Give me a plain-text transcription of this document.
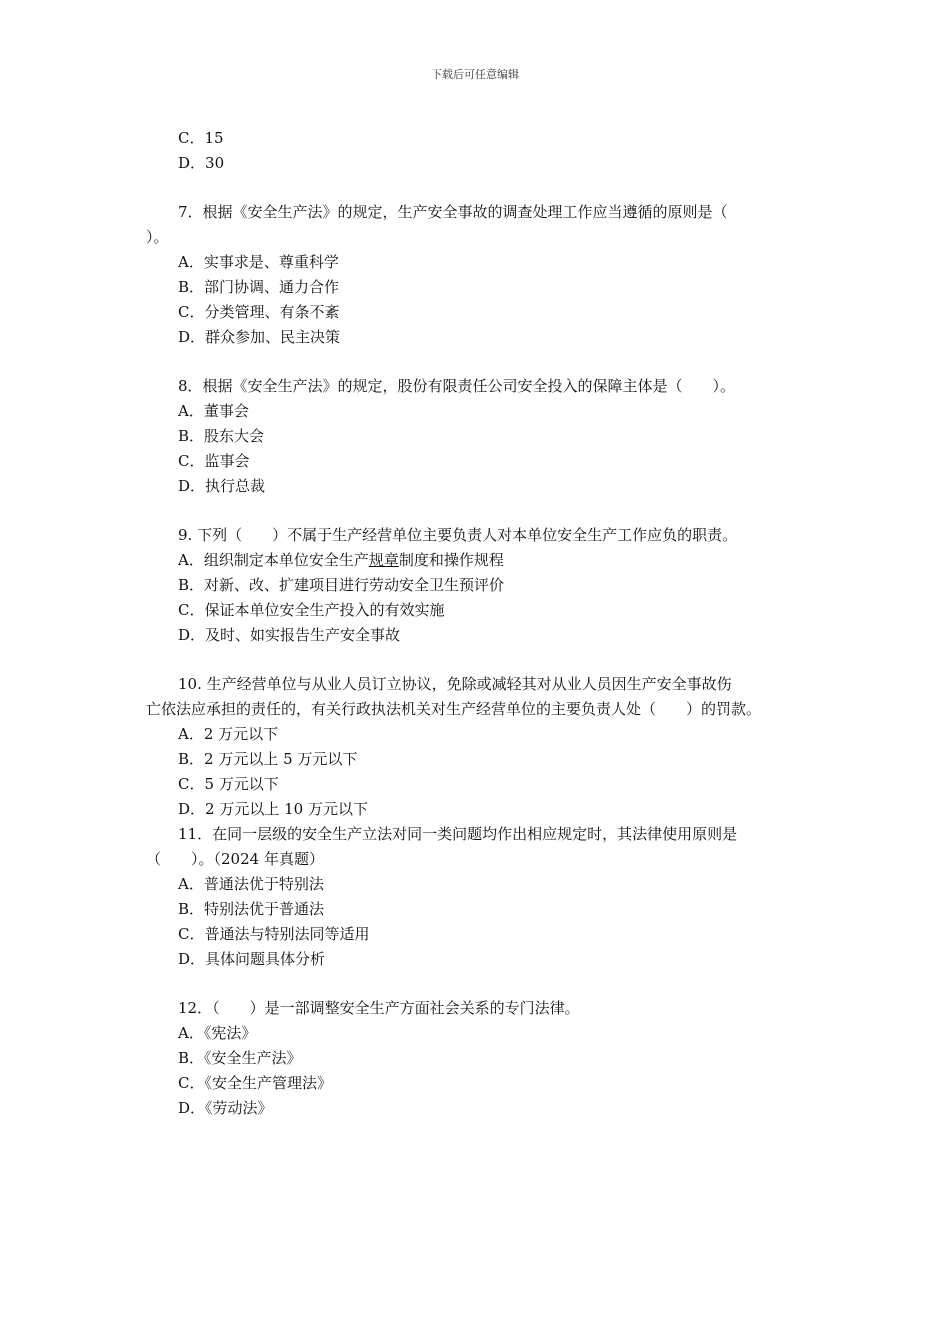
下载后可任意编辑
C．15
D．30
7．根据《安全生产法》的规定，生产安全事故的调查处理工作应当遵循的原则是（
）。
A．实事求是、尊重科学
B．部门协调、通力合作
C．分类管理、有条不紊
D．群众参加、民主决策
8．根据《安全生产法》的规定，股份有限责任公司安全投入的保障主体是（　　）。
A．董事会
B．股东大会
C．监事会
D．执行总裁
9. 下列（　　）不属于生产经营单位主要负责人对本单位安全生产工作应负的职责。
A．组织制定本单位安全生产规章制度和操作规程
B．对新、改、扩建项目进行劳动安全卫生预评价
C．保证本单位安全生产投入的有效实施
D．及时、如实报告生产安全事故
10. 生产经营单位与从业人员订立协议，免除或减轻其对从业人员因生产安全事故伤
亡依法应承担的责任的，有关行政执法机关对生产经营单位的主要负责人处（　　）的罚款。
A．2 万元以下
B．2 万元以上 5 万元以下
C．5 万元以下
D．2 万元以上 10 万元以下
11．在同一层级的安全生产立法对同一类问题均作出相应规定时，其法律使用原则是
（　　）。（2024 年真题）
A．普通法优于特别法
B．特别法优于普通法
C．普通法与特别法同等适用
D．具体问题具体分析
12．（　　）是一部调整安全生产方面社会关系的专门法律。
A．《宪法》
B．《安全生产法》
C．《安全生产管理法》
D．《劳动法》
